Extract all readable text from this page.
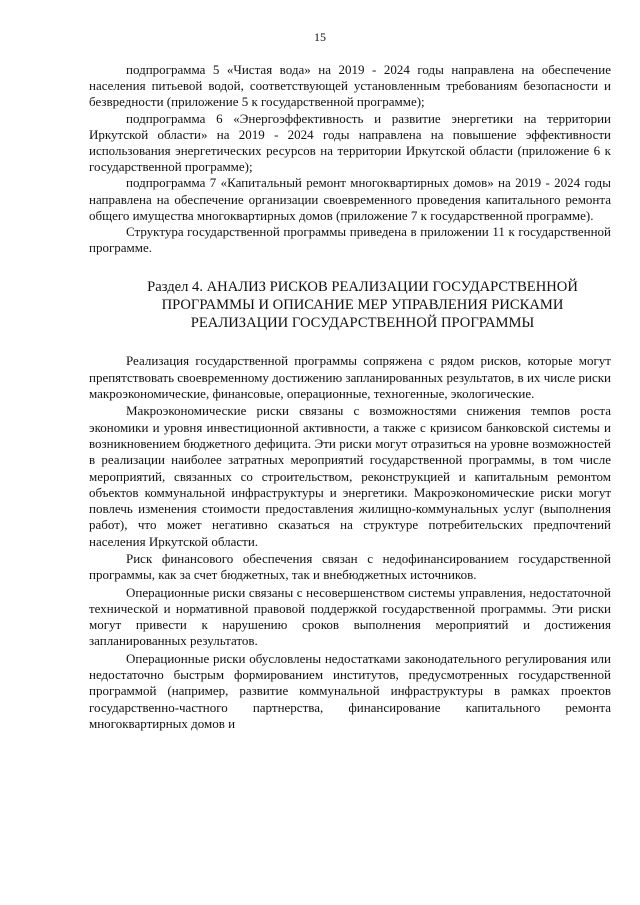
15

подпрограмма 5 «Чистая вода» на 2019 - 2024 годы направлена на обеспечение населения питьевой водой, соответствующей установленным требованиям безопасности и безвредности (приложение 5 к государственной программе);

подпрограмма 6 «Энергоэффективность и развитие энергетики на территории Иркутской области» на 2019 - 2024 годы направлена на повышение эффективности использования энергетических ресурсов на территории Иркутской области (приложение 6 к государственной программе);

подпрограмма 7 «Капитальный ремонт многоквартирных домов» на 2019 - 2024 годы направлена на обеспечение организации своевременного проведения капитального ремонта общего имущества многоквартирных домов (приложение 7 к государственной программе).

Структура государственной программы приведена в приложении 11 к государственной программе.

Раздел 4. АНАЛИЗ РИСКОВ РЕАЛИЗАЦИИ ГОСУДАРСТВЕННОЙ
ПРОГРАММЫ И ОПИСАНИЕ МЕР УПРАВЛЕНИЯ РИСКАМИ
РЕАЛИЗАЦИИ ГОСУДАРСТВЕННОЙ ПРОГРАММЫ

Реализация государственной программы сопряжена с рядом рисков, которые могут препятствовать своевременному достижению запланированных результатов, в их числе риски макроэкономические, финансовые, операционные, техногенные, экологические.

Макроэкономические риски связаны с возможностями снижения темпов роста экономики и уровня инвестиционной активности, а также с кризисом банковской системы и возникновением бюджетного дефицита. Эти риски могут отразиться на уровне возможностей в реализации наиболее затратных мероприятий государственной программы, в том числе мероприятий, связанных со строительством, реконструкцией и капитальным ремонтом объектов коммунальной инфраструктуры и энергетики. Макроэкономические риски могут повлечь изменения стоимости предоставления жилищно-коммунальных услуг (выполнения работ), что может негативно сказаться на структуре потребительских предпочтений населения Иркутской области.

Риск финансового обеспечения связан с недофинансированием государственной программы, как за счет бюджетных, так и внебюджетных источников.

Операционные риски связаны с несовершенством системы управления, недостаточной технической и нормативной правовой поддержкой государственной программы. Эти риски могут привести к нарушению сроков выполнения мероприятий и достижения запланированных результатов.

Операционные риски обусловлены недостатками законодательного регулирования или недостаточно быстрым формированием институтов, предусмотренных государственной программой (например, развитие коммунальной инфраструктуры в рамках проектов государственно-частного партнерства, финансирование капитального ремонта многоквартирных домов и
